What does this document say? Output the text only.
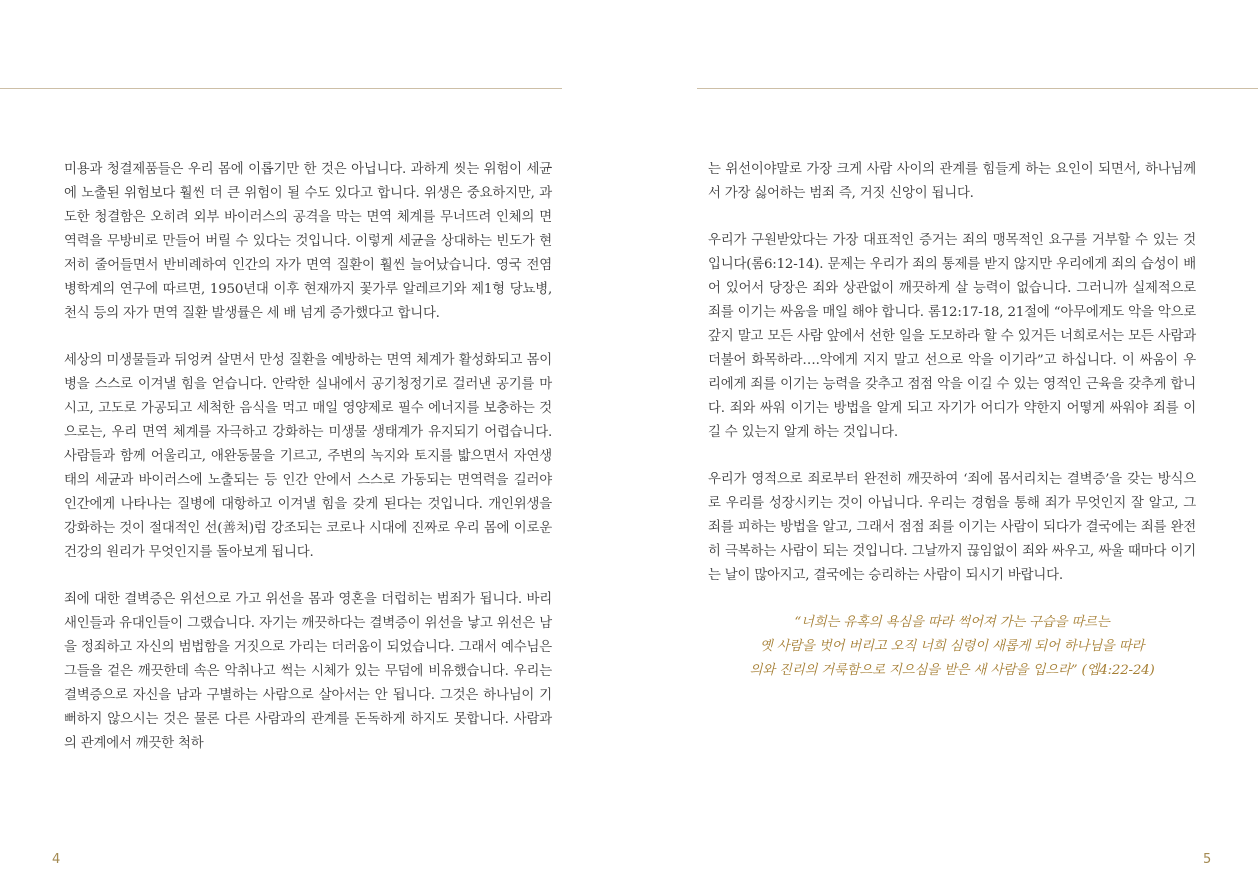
미용과 청결제품들은 우리 몸에 이롭기만 한 것은 아닙니다. 과하게 씻는 위험이 세균에 노출된 위험보다 훨씬 더 큰 위험이 될 수도 있다고 합니다. 위생은 중요하지만, 과도한 청결함은 오히려 외부 바이러스의 공격을 막는 면역 체계를 무너뜨려 인체의 면역력을 무방비로 만들어 버릴 수 있다는 것입니다. 이렇게 세균을 상대하는 빈도가 현저히 줄어들면서 반비례하여 인간의 자가 면역 질환이 훨씬 늘어났습니다. 영국 전염병학계의 연구에 따르면, 1950년대 이후 현재까지 꽃가루 알레르기와 제1형 당뇨병, 천식 등의 자가 면역 질환 발생률은 세 배 넘게 증가했다고 합니다.

세상의 미생물들과 뒤엉켜 살면서 만성 질환을 예방하는 면역 체계가 활성화되고 몸이 병을 스스로 이겨낼 힘을 얻습니다. 안락한 실내에서 공기청정기로 걸러낸 공기를 마시고, 고도로 가공되고 세척한 음식을 먹고 매일 영양제로 필수 에너지를 보충하는 것으로는, 우리 면역 체계를 자극하고 강화하는 미생물 생태계가 유지되기 어렵습니다. 사람들과 함께 어울리고, 애완동물을 기르고, 주변의 녹지와 토지를 밟으면서 자연생태의 세균과 바이러스에 노출되는 등 인간 안에서 스스로 가동되는 면역력을 길러야 인간에게 나타나는 질병에 대항하고 이겨낼 힘을 갖게 된다는 것입니다. 개인위생을 강화하는 것이 절대적인 선(善처)럼 강조되는 코로나 시대에 진짜로 우리 몸에 이로운 건강의 원리가 무엇인지를 돌아보게 됩니다.

죄에 대한 결벽증은 위선으로 가고 위선을 몸과 영혼을 더럽히는 범죄가 됩니다. 바리새인들과 유대인들이 그랬습니다. 자기는 깨끗하다는 결벽증이 위선을 낳고 위선은 남을 정죄하고 자신의 범법함을 거짓으로 가리는 더러움이 되었습니다. 그래서 예수님은 그들을 겉은 깨끗한데 속은 악취나고 썩는 시체가 있는 무덤에 비유했습니다. 우리는 결벽증으로 자신을 남과 구별하는 사람으로 살아서는 안 됩니다. 그것은 하나님이 기뻐하지 않으시는 것은 물론 다른 사람과의 관계를 돈독하게 하지도 못합니다. 사람과의 관계에서 깨끗한 척하

는 위선이야말로 가장 크게 사람 사이의 관계를 힘들게 하는 요인이 되면서, 하나님께서 가장 싫어하는 범죄 즉, 거짓 신앙이 됩니다.

우리가 구원받았다는 가장 대표적인 증거는 죄의 맹목적인 요구를 거부할 수 있는 것입니다(롬6:12-14). 문제는 우리가 죄의 통제를 받지 않지만 우리에게 죄의 습성이 배어 있어서 당장은 죄와 상관없이 깨끗하게 살 능력이 없습니다. 그러니까 실제적으로 죄를 이기는 싸움을 매일 해야 합니다. 롬12:17-18, 21절에 “아무에게도 악을 악으로 갚지 말고 모든 사람 앞에서 선한 일을 도모하라 할 수 있거든 너희로서는 모든 사람과 더불어 화목하라….악에게 지지 말고 선으로 악을 이기라”고 하십니다. 이 싸움이 우리에게 죄를 이기는 능력을 갖추고 점점 악을 이길 수 있는 영적인 근육을 갖추게 합니다. 죄와 싸워 이기는 방법을 알게 되고 자기가 어디가 약한지 어떻게 싸워야 죄를 이길 수 있는지 알게 하는 것입니다.

우리가 영적으로 죄로부터 완전히 깨끗하여 ‘죄에 몸서리치는 결벽증’을 갖는 방식으로 우리를 성장시키는 것이 아닙니다. 우리는 경험을 통해 죄가 무엇인지 잘 알고, 그 죄를 피하는 방법을 알고, 그래서 점점 죄를 이기는 사람이 되다가 결국에는 죄를 완전히 극복하는 사람이 되는 것입니다. 그날까지 끊임없이 죄와 싸우고, 싸울 때마다 이기는 날이 많아지고, 결국에는 승리하는 사람이 되시기 바랍니다.

“너희는 유혹의 욕심을 따라 썩어져 가는 구습을 따르는
옛 사람을 벗어 버리고 오직 너희 심령이 새롭게 되어 하나님을 따라
의와 진리의 거룩함으로 지으심을 받은 새 사람을 입으라” (엡4:22-24)
4	5
